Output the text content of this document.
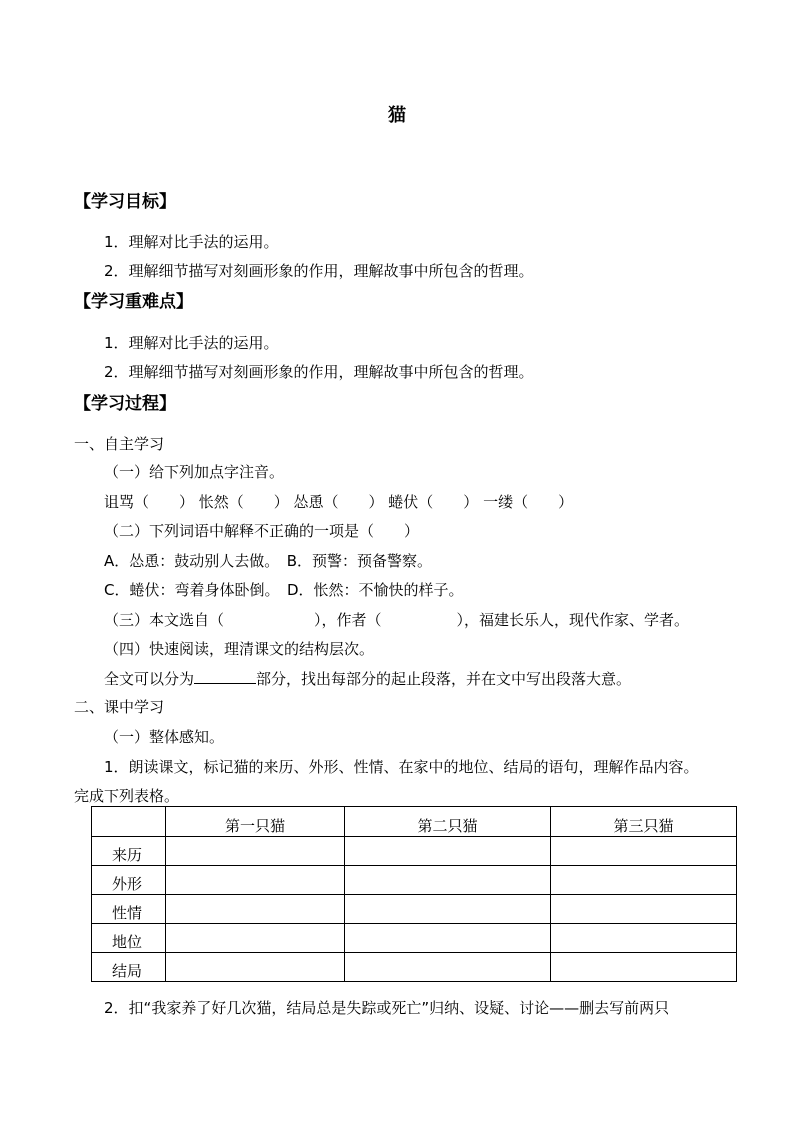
猫
【学习目标】
1．理解对比手法的运用。
2．理解细节描写对刻画形象的作用，理解故事中所包含的哲理。
【学习重难点】
1．理解对比手法的运用。
2．理解细节描写对刻画形象的作用，理解故事中所包含的哲理。
【学习过程】
一、自主学习
（一）给下列加点字注音。
诅骂（　　） 怅然（　　） 怂恿（　　） 蜷伏（　　） 一缕（　　）
（二）下列词语中解释不正确的一项是（　　）
A．怂恿：鼓动别人去做。　B．预警：预备警察。
C．蜷伏：弯着身体卧倒。　D．怅然：不愉快的样子。
（三）本文选自（　　　　　　），作者（　　　　　），福建长乐人，现代作家、学者。
（四）快速阅读，理清课文的结构层次。
全文可以分为	部分，找出每部分的起止段落，并在文中写出段落大意。
二、课中学习
（一）整体感知。
1．朗读课文，标记猫的来历、外形、性情、在家中的地位、结局的语句，理解作品内容。
完成下列表格。
	第一只猫	第二只猫	第三只猫
来历			
外形			
性情			
地位			
结局			
2．扣“我家养了好几次猫，结局总是失踪或死亡”归纳、设疑、讨论——删去写前两只
